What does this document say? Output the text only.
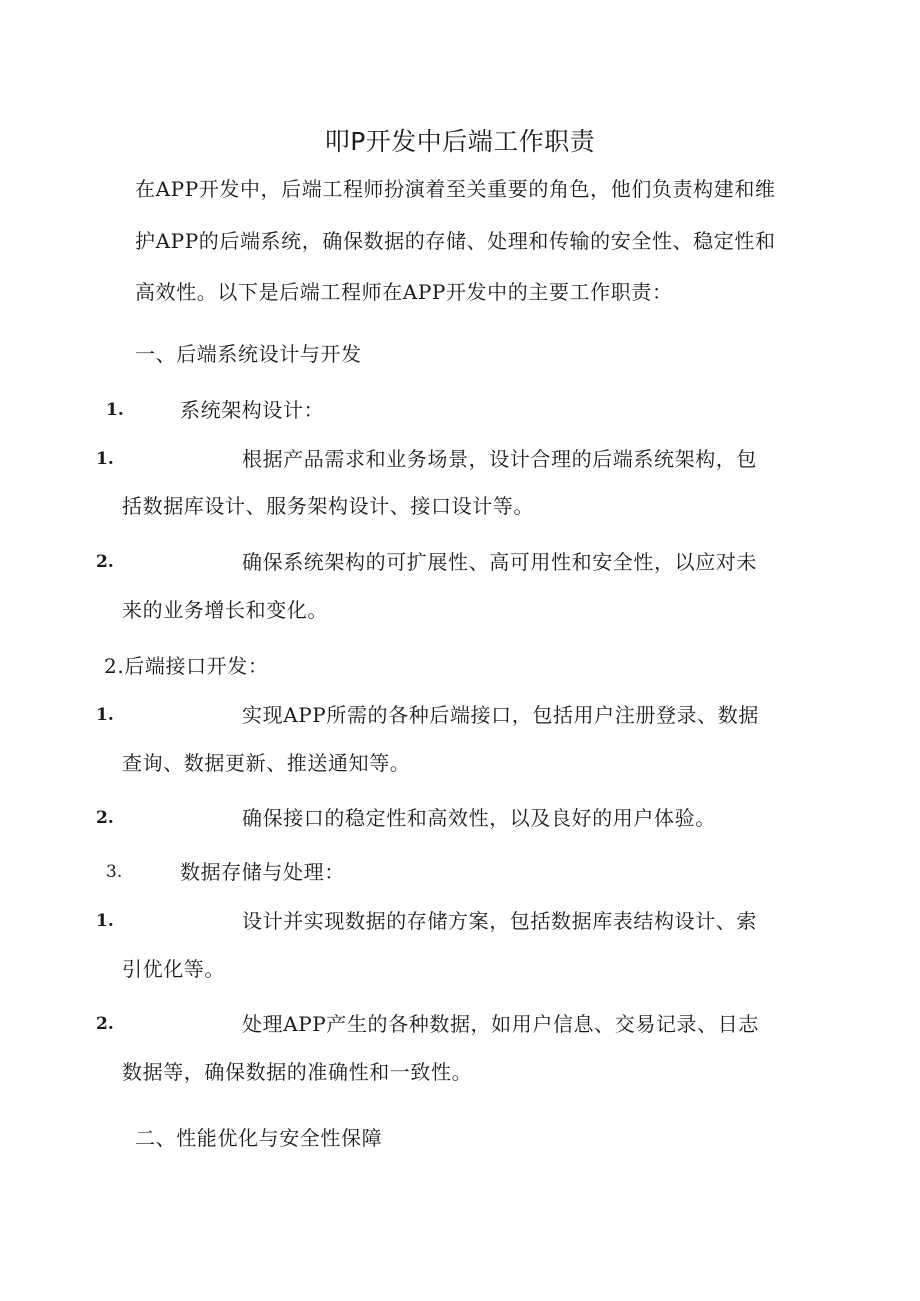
叩P开发中后端工作职责
在APP开发中，后端工程师扮演着至关重要的角色，他们负责构建和维
护APP的后端系统，确保数据的存储、处理和传输的安全性、稳定性和
高效性。以下是后端工程师在APP开发中的主要工作职责：
一、后端系统设计与开发
1.	系统架构设计：
1.	根据产品需求和业务场景，设计合理的后端系统架构，包
括数据库设计、服务架构设计、接口设计等。
2.	确保系统架构的可扩展性、高可用性和安全性，以应对未
来的业务增长和变化。
2.后端接口开发：
1.	实现APP所需的各种后端接口，包括用户注册登录、数据
查询、数据更新、推送通知等。
2.	确保接口的稳定性和高效性，以及良好的用户体验。
3.	数据存储与处理：
1.	设计并实现数据的存储方案，包括数据库表结构设计、索
引优化等。
2.	处理APP产生的各种数据，如用户信息、交易记录、日志
数据等，确保数据的准确性和一致性。
二、性能优化与安全性保障
